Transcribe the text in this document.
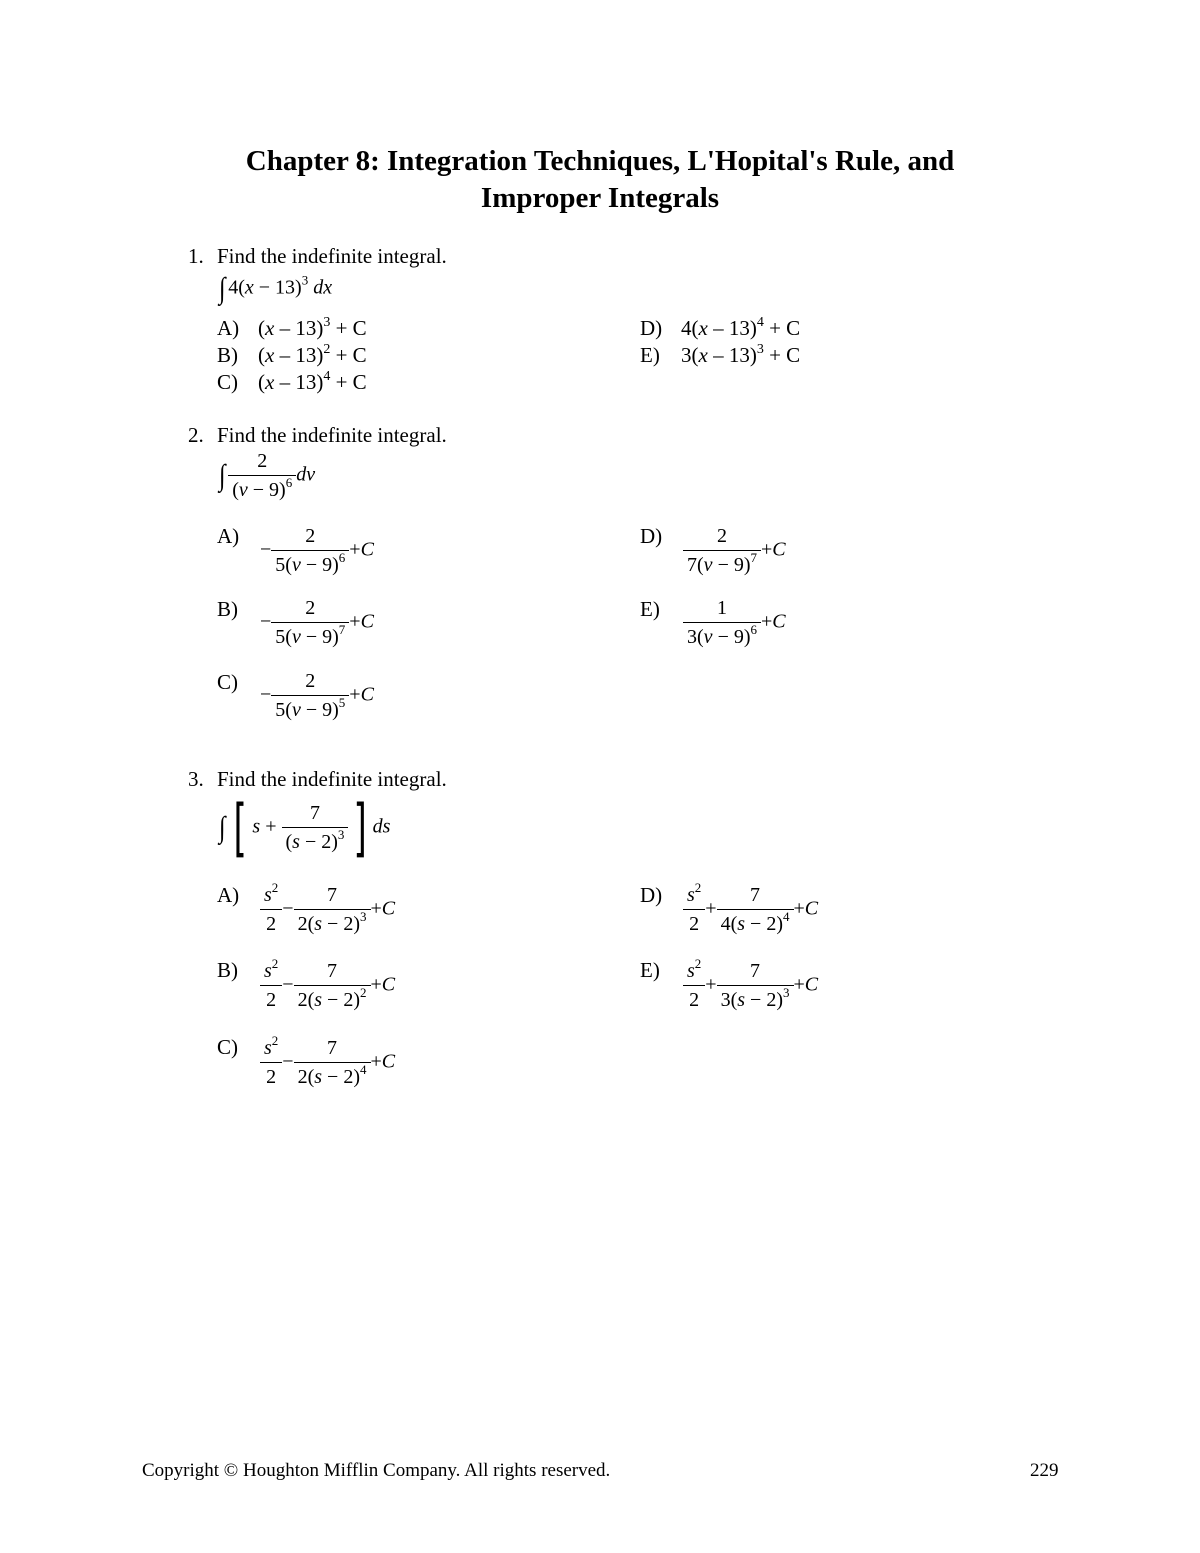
Chapter 8: Integration Techniques, L'Hopital's Rule, and
Improper Integrals
1. Find the indefinite integral.
∫ $4(x - 13)^3$ dx
A) (x – 13)$^3$ + C
B) (x – 13)$^2$ + C
C) (x – 13)$^4$ + C
D) 4(x – 13)$^4$ + C
E) 3(x – 13)$^3$ + C
2. Find the indefinite integral.
∫ $\frac{2}{(v - 9)^6}$ dv
A)
− $\frac{2}{5(v - 9)^6} +C$
B)
− $\frac{2}{5(v - 9)^7} +C$
C)
− $\frac{2}{5(v - 9)^5} +C$
$D) \frac{2}{7(v - 9)^7} +C$
$E) \frac{1}{3(v - 9)^6} +C$
3. Find the indefinite integral.
∫ [ $s + \frac{7}{(s - 2)^3}$ ] ds
$A) \frac{s^2}{2} - \frac{7}{2(s - 2)^3} +C$
$B) \frac{s^2}{2} - \frac{7}{2(s - 2)^2} +C$
$C) \frac{s^2}{2} - \frac{7}{2(s - 2)^4} +C$
$D) \frac{s^2}{2} + \frac{7}{4(s - 2)^4} +C$
$E) \frac{s^2}{2} + \frac{7}{3(s - 2)^3} +C$
Copyright © Houghton Mifflin Company. All rights reserved.	229
